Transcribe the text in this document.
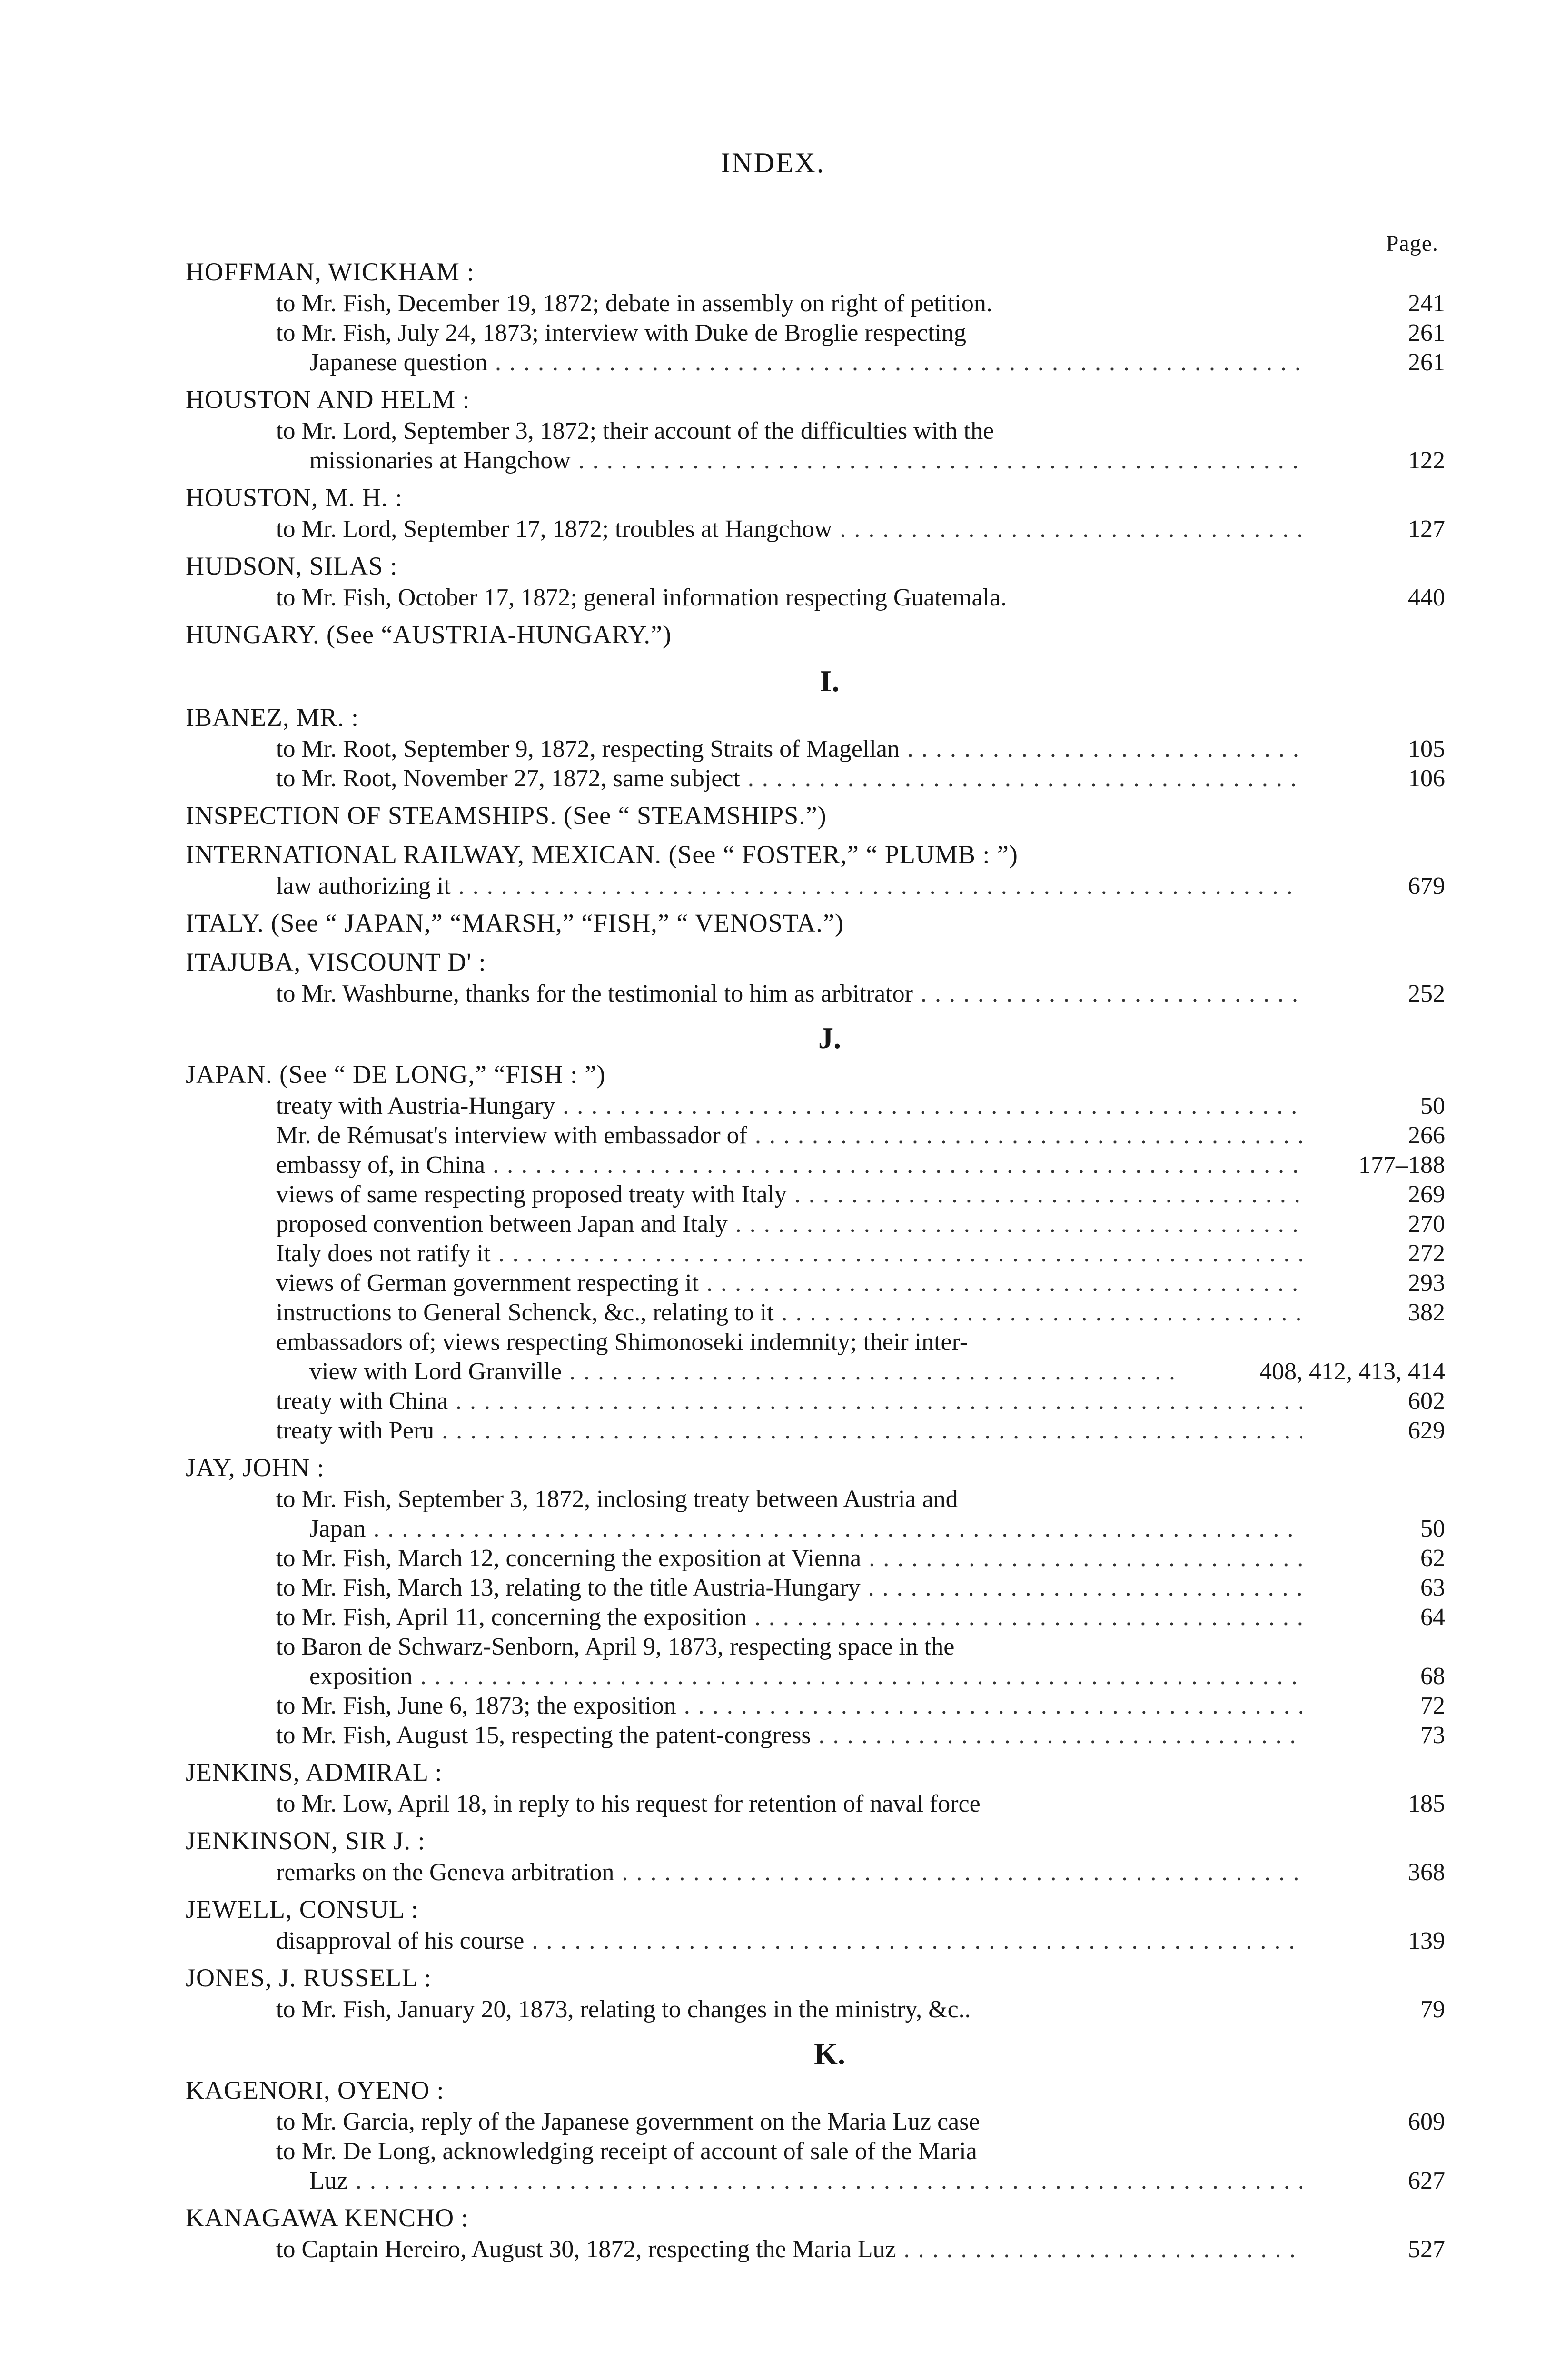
INDEX.
Page.
HOFFMAN, WICKHAM :
to Mr. Fish, December 19, 1872; debate in assembly on right of petition.	241
to Mr. Fish, July 24, 1873; interview with Duke de Broglie respecting	261
Japanese question . . .	261
HOUSTON AND HELM :
to Mr. Lord, September 3, 1872; their account of the difficulties with the
missionaries at Hangchow . . .	122
HOUSTON, M. H. :
to Mr. Lord, September 17, 1872; troubles at Hangchow . . .	127
HUDSON, SILAS :
to Mr. Fish, October 17, 1872; general information respecting Guatemala.	440
HUNGARY. (See “AUSTRIA-HUNGARY.”)
I.
IBANEZ, MR. :
to Mr. Root, September 9, 1872, respecting Straits of Magellan . . .	105
to Mr. Root, November 27, 1872, same subject . . .	106
INSPECTION OF STEAMSHIPS. (See “ STEAMSHIPS.”)
INTERNATIONAL RAILWAY, MEXICAN. (See “ FOSTER,” “ PLUMB : ”)
law authorizing it . . .	679
ITALY. (See “ JAPAN,” “MARSH,” “FISH,” “ VENOSTA.”)
ITAJUBA, VISCOUNT D' :
to Mr. Washburne, thanks for the testimonial to him as arbitrator . . .	252
J.
JAPAN. (See “ DE LONG,” “FISH : ”)
treaty with Austria-Hungary . . .	50
Mr. de Rémusat's interview with embassador of . . .	266
embassy of, in China . . .	177–188
views of same respecting proposed treaty with Italy . . .	269
proposed convention between Japan and Italy . . .	270
Italy does not ratify it . . .	272
views of German government respecting it . . .	293
instructions to General Schenck, &c., relating to it . . .	382
embassadors of; views respecting Shimonoseki indemnity; their inter-
view with Lord Granville . . .	408, 412, 413, 414
treaty with China . . .	602
treaty with Peru . . .	629
JAY, JOHN :
to Mr. Fish, September 3, 1872, inclosing treaty between Austria and
Japan . . .	50
to Mr. Fish, March 12, concerning the exposition at Vienna . . .	62
to Mr. Fish, March 13, relating to the title Austria-Hungary . . .	63
to Mr. Fish, April 11, concerning the exposition . . .	64
to Baron de Schwarz-Senborn, April 9, 1873, respecting space in the
exposition . . .	68
to Mr. Fish, June 6, 1873; the exposition . . .	72
to Mr. Fish, August 15, respecting the patent-congress . . .	73
JENKINS, ADMIRAL :
to Mr. Low, April 18, in reply to his request for retention of naval force	185
JENKINSON, SIR J. :
remarks on the Geneva arbitration . . .	368
JEWELL, CONSUL :
disapproval of his course . . .	139
JONES, J. RUSSELL :
to Mr. Fish, January 20, 1873, relating to changes in the ministry, &c..	79
K.
KAGENORI, OYENO :
to Mr. Garcia, reply of the Japanese government on the Maria Luz case	609
to Mr. De Long, acknowledging receipt of account of sale of the Maria
Luz . . .	627
KANAGAWA KENCHO :
to Captain Hereiro, August 30, 1872, respecting the Maria Luz . . .	527
